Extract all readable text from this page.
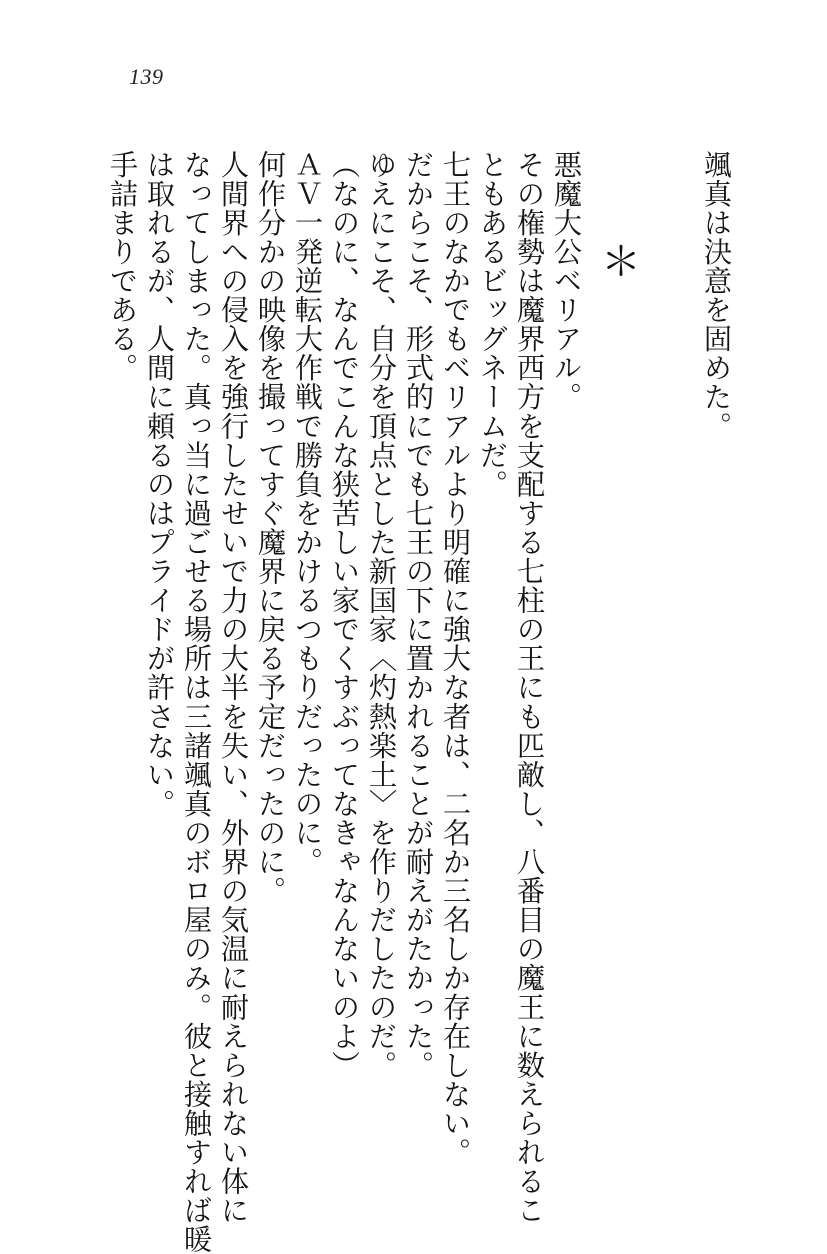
139
颯真は決意を固めた。
＊
悪魔大公ベリアル。
その権勢は魔界西方を支配する七柱の王にも匹敵し、八番目の魔王に数えられるこ
ともあるビッグネームだ。
七王のなかでもベリアルより明確に強大な者は、二名か三名しか存在しない。
だからこそ、形式的にでも七王の下に置かれることが耐えがたかった。
ゆえにこそ、自分を頂点とした新国家〈灼熱楽土〉を作りだしたのだ。
（なのに、なんでこんな狭苦しい家でくすぶってなきゃなんないのよ）
ＡＶ一発逆転大作戦で勝負をかけるつもりだったのに。
何作分かの映像を撮ってすぐ魔界に戻る予定だったのに。
人間界への侵入を強行したせいで力の大半を失い、外界の気温に耐えられない体に
なってしまった。真っ当に過ごせる場所は三諸颯真のボロ屋のみ。彼と接触すれば暖
は取れるが、人間に頼るのはプライドが許さない。
手詰まりである。
